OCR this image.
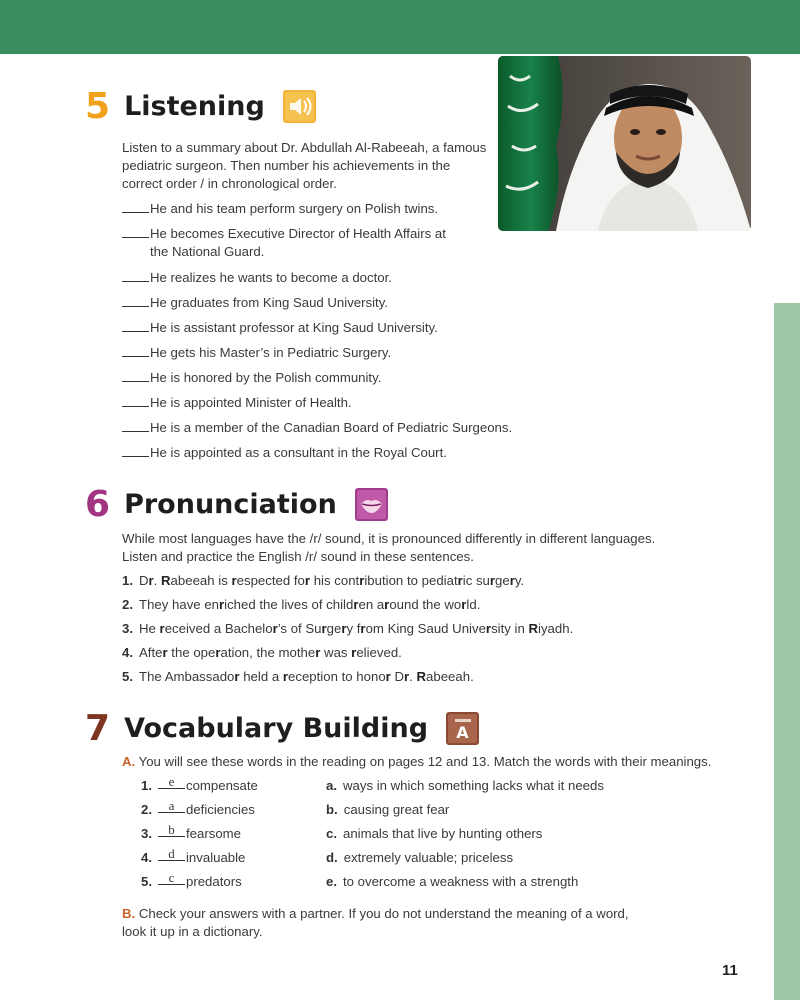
5 Listening
Listen to a summary about Dr. Abdullah Al-Rabeeah, a famous pediatric surgeon. Then number his achievements in the correct order / in chronological order.
He and his team perform surgery on Polish twins.
He becomes Executive Director of Health Affairs at
the National Guard.
He realizes he wants to become a doctor.
He graduates from King Saud University.
He is assistant professor at King Saud University.
He gets his Master’s in Pediatric Surgery.
He is honored by the Polish community.
He is appointed Minister of Health.
He is a member of the Canadian Board of Pediatric Surgeons.
He is appointed as a consultant in the Royal Court.
6 Pronunciation
While most languages have the /r/ sound, it is pronounced differently in different languages. Listen and practice the English /r/ sound in these sentences.
1. Dr. Rabeeah is respected for his contribution to pediatric surgery.
2. They have enriched the lives of children around the world.
3. He received a Bachelor’s of Surgery from King Saud University in Riyadh.
4. After the operation, the mother was relieved.
5. The Ambassador held a reception to honor Dr. Rabeeah.
7 Vocabulary Building A
A. You will see these words in the reading on pages 12 and 13. Match the words with their meanings.
1. e compensate	a. ways in which something lacks what it needs
2. a deficiencies	b. causing great fear
3. b fearsome	c. animals that live by hunting others
4. d invaluable	d. extremely valuable; priceless
5. c predators	e. to overcome a weakness with a strength
B. Check your answers with a partner. If you do not understand the meaning of a word, look it up in a dictionary.
11
